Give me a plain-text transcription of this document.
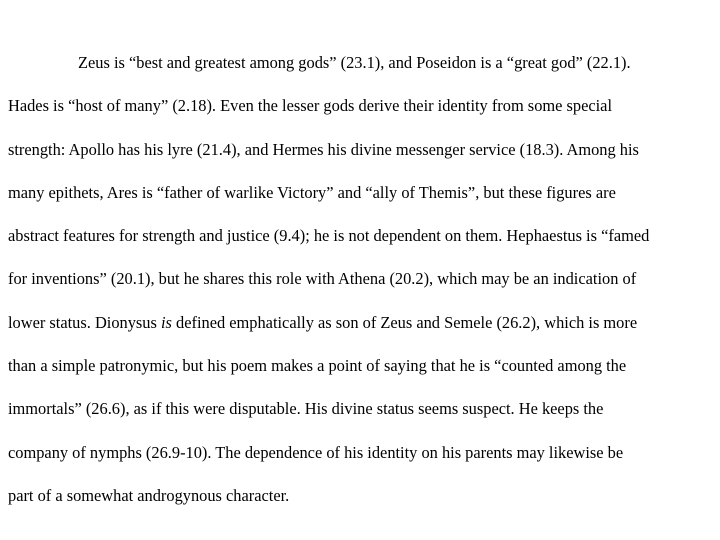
Zeus is “best and greatest among gods” (23.1), and Poseidon is a “great god” (22.1).
Hades is “host of many” (2.18). Even the lesser gods derive their identity from some special
strength: Apollo has his lyre (21.4), and Hermes his divine messenger service (18.3). Among his
many epithets, Ares is “father of warlike Victory” and “ally of Themis”, but these figures are
abstract features for strength and justice (9.4); he is not dependent on them. Hephaestus is “famed
for inventions” (20.1), but he shares this role with Athena (20.2), which may be an indication of
lower status. Dionysus is defined emphatically as son of Zeus and Semele (26.2), which is more
than a simple patronymic, but his poem makes a point of saying that he is “counted among the
immortals” (26.6), as if this were disputable. His divine status seems suspect. He keeps the
company of nymphs (26.9-10). The dependence of his identity on his parents may likewise be
part of a somewhat androgynous character.
